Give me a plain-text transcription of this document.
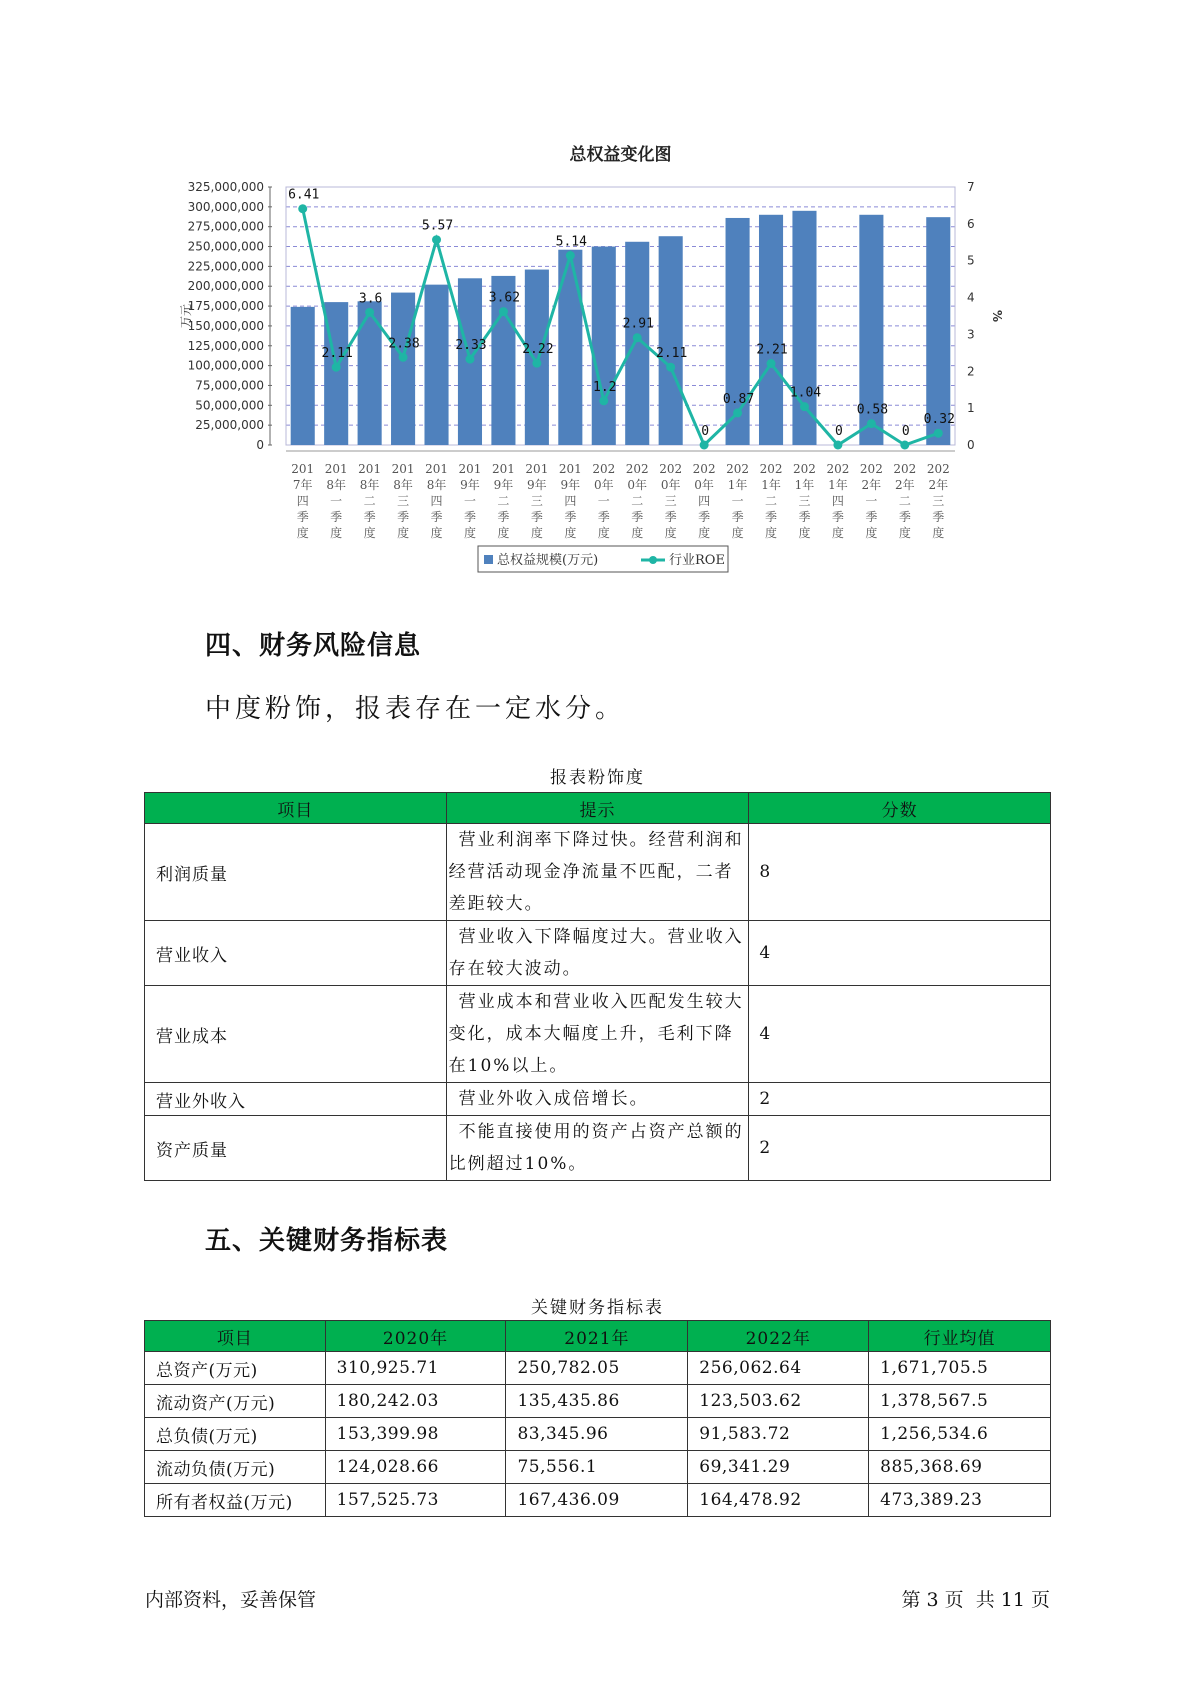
总权益变化图
0
25,000,000
50,000,000
75,000,000
100,000,000
125,000,000
150,000,000
175,000,000
200,000,000
225,000,000
250,000,000
275,000,000
300,000,000
325,000,000
万元
0
1
2
3
4
5
6
7
%
6.41
2.11
3.6
2.38
5.57
2.33
3.62
2.22
5.14
1.2
2.91
2.11
0
0.87
2.21
1.04
0
0.58
0
0.32
201 7年四季度
201 8年一季度
201 8年二季度
201 8年三季度
201 8年四季度
201 9年一季度
201 9年二季度
201 9年三季度
201 9年四季度
202 0年一季度
202 0年二季度
202 0年三季度
202 0年四季度
202 1年一季度
202 1年二季度
202 1年三季度
202 1年四季度
202 2年一季度
202 2年二季度
202 2年三季度
总权益规模(万元)	行业ROE
四、财务风险信息
中度粉饰，报表存在一定水分。
报表粉饰度
项目	提示	分数
利润质量	营业利润率下降过快。经营利润和经营活动现金净流量不匹配，二者差距较大。	8
营业收入	营业收入下降幅度过大。营业收入存在较大波动。	4
营业成本	营业成本和营业收入匹配发生较大变化，成本大幅度上升，毛利下降在10%以上。	4
营业外收入	营业外收入成倍增长。	2
资产质量	不能直接使用的资产占资产总额的比例超过10%。	2
五、关键财务指标表
关键财务指标表
项目	2020年	2021年	2022年	行业均值
总资产(万元)	310,925.71	250,782.05	256,062.64	1,671,705.5
流动资产(万元)	180,242.03	135,435.86	123,503.62	1,378,567.5
总负债(万元)	153,399.98	83,345.96	91,583.72	1,256,534.6
流动负债(万元)	124,028.66	75,556.1	69,341.29	885,368.69
所有者权益(万元)	157,525.73	167,436.09	164,478.92	473,389.23
内部资料，妥善保管	第 3 页  共 11 页
